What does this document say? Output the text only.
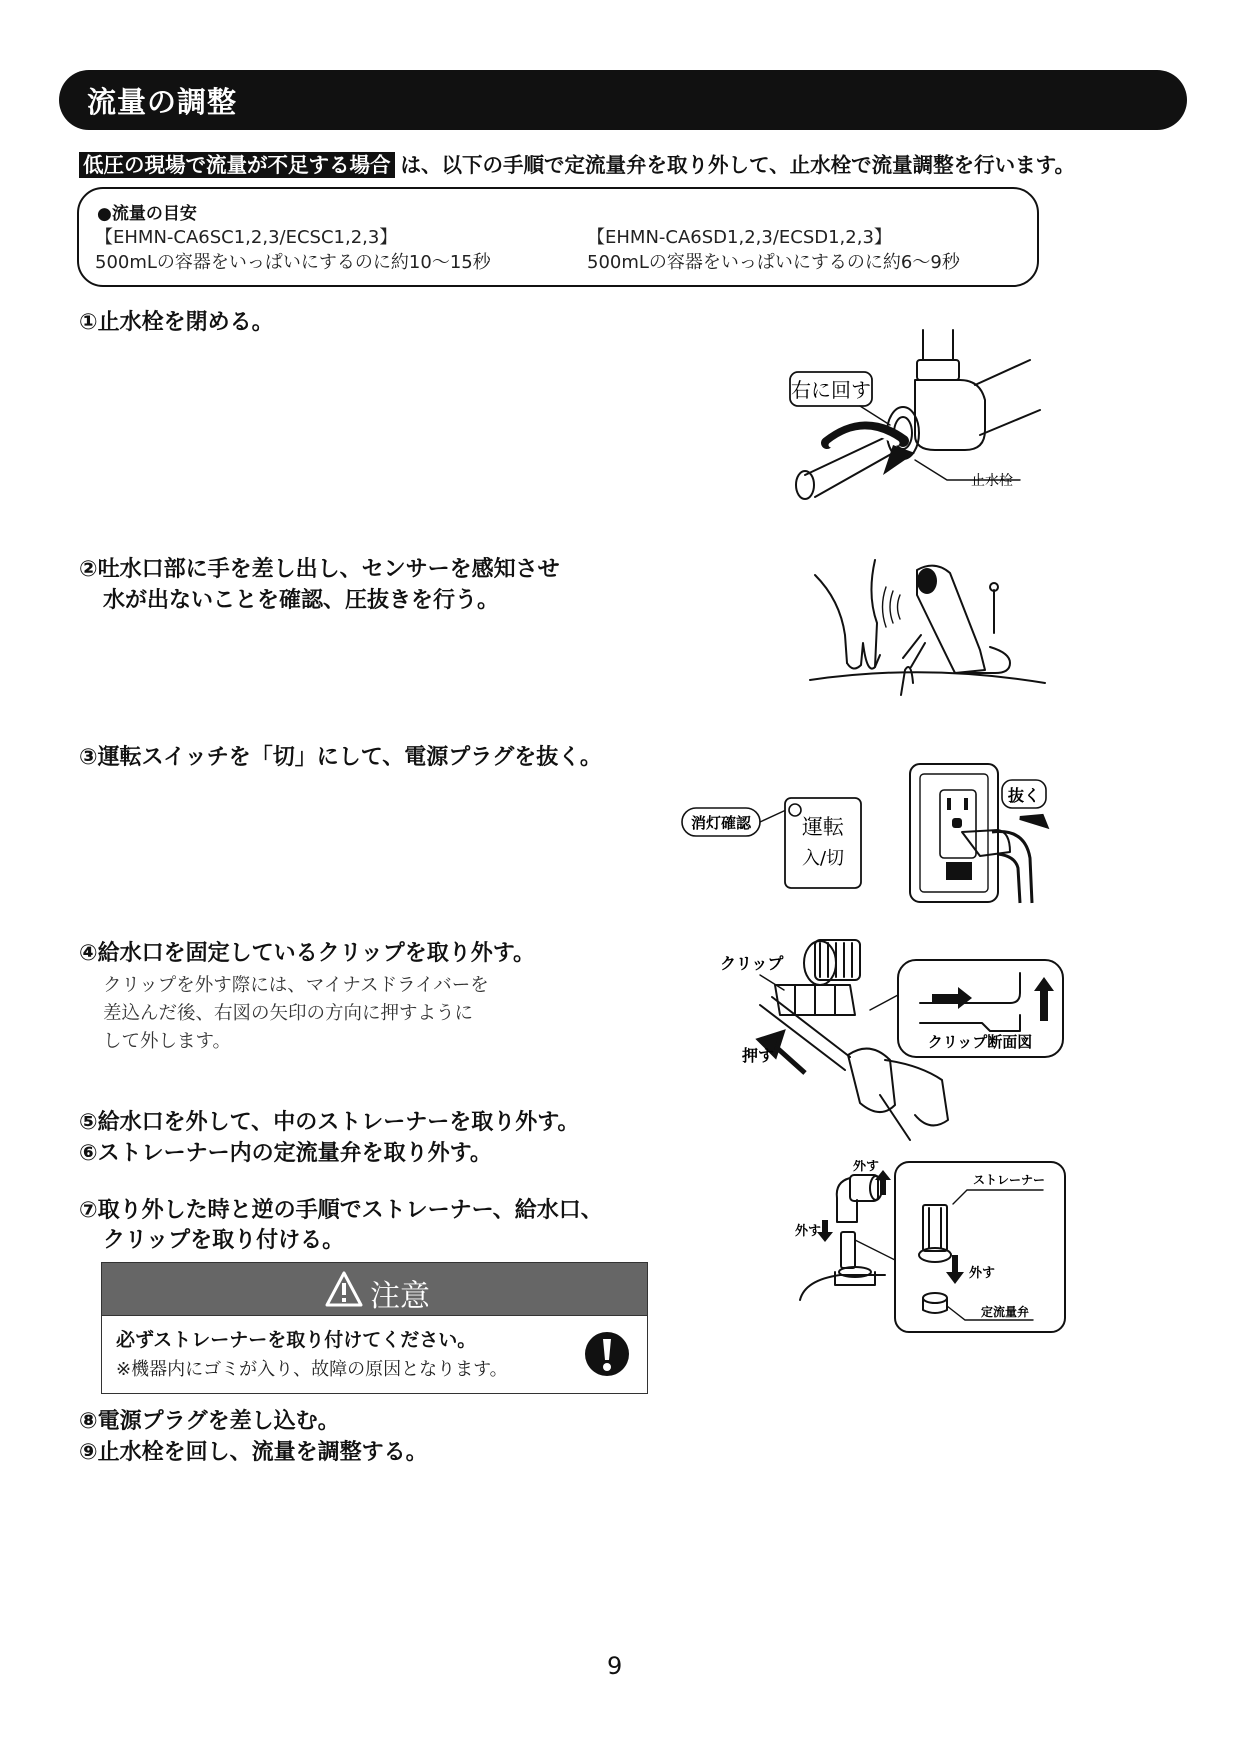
流量の調整
低圧の現場で流量が不足する場合 は、以下の手順で定流量弁を取り外して、止水栓で流量調整を行います。
●流量の目安
【EHMN-CA6SC1,2,3/ECSC1,2,3】
500mLの容器をいっぱいにするのに約10〜15秒
【EHMN-CA6SD1,2,3/ECSD1,2,3】
500mLの容器をいっぱいにするのに約6〜9秒
①止水栓を閉める。
②吐水口部に手を差し出し、センサーを感知させ
水が出ないことを確認、圧抜きを行う。
③運転スイッチを「切」にして、電源プラグを抜く。
④給水口を固定しているクリップを取り外す。
クリップを外す際には、マイナスドライバーを
差込んだ後、右図の矢印の方向に押すように
して外します。
⑤給水口を外して、中のストレーナーを取り外す。
⑥ストレーナー内の定流量弁を取り外す。
⑦取り外した時と逆の手順でストレーナー、給水口、
クリップを取り付ける。
注意
必ずストレーナーを取り付けてください。
※機器内にゴミが入り、故障の原因となります。
⑧電源プラグを差し込む。
⑨止水栓を回し、流量を調整する。
右に回す
止水栓
消灯確認 運転
入/切
抜く
クリップ
押す
クリップ断面図
外す
外す
ストレーナー
外す
定流量弁
9
